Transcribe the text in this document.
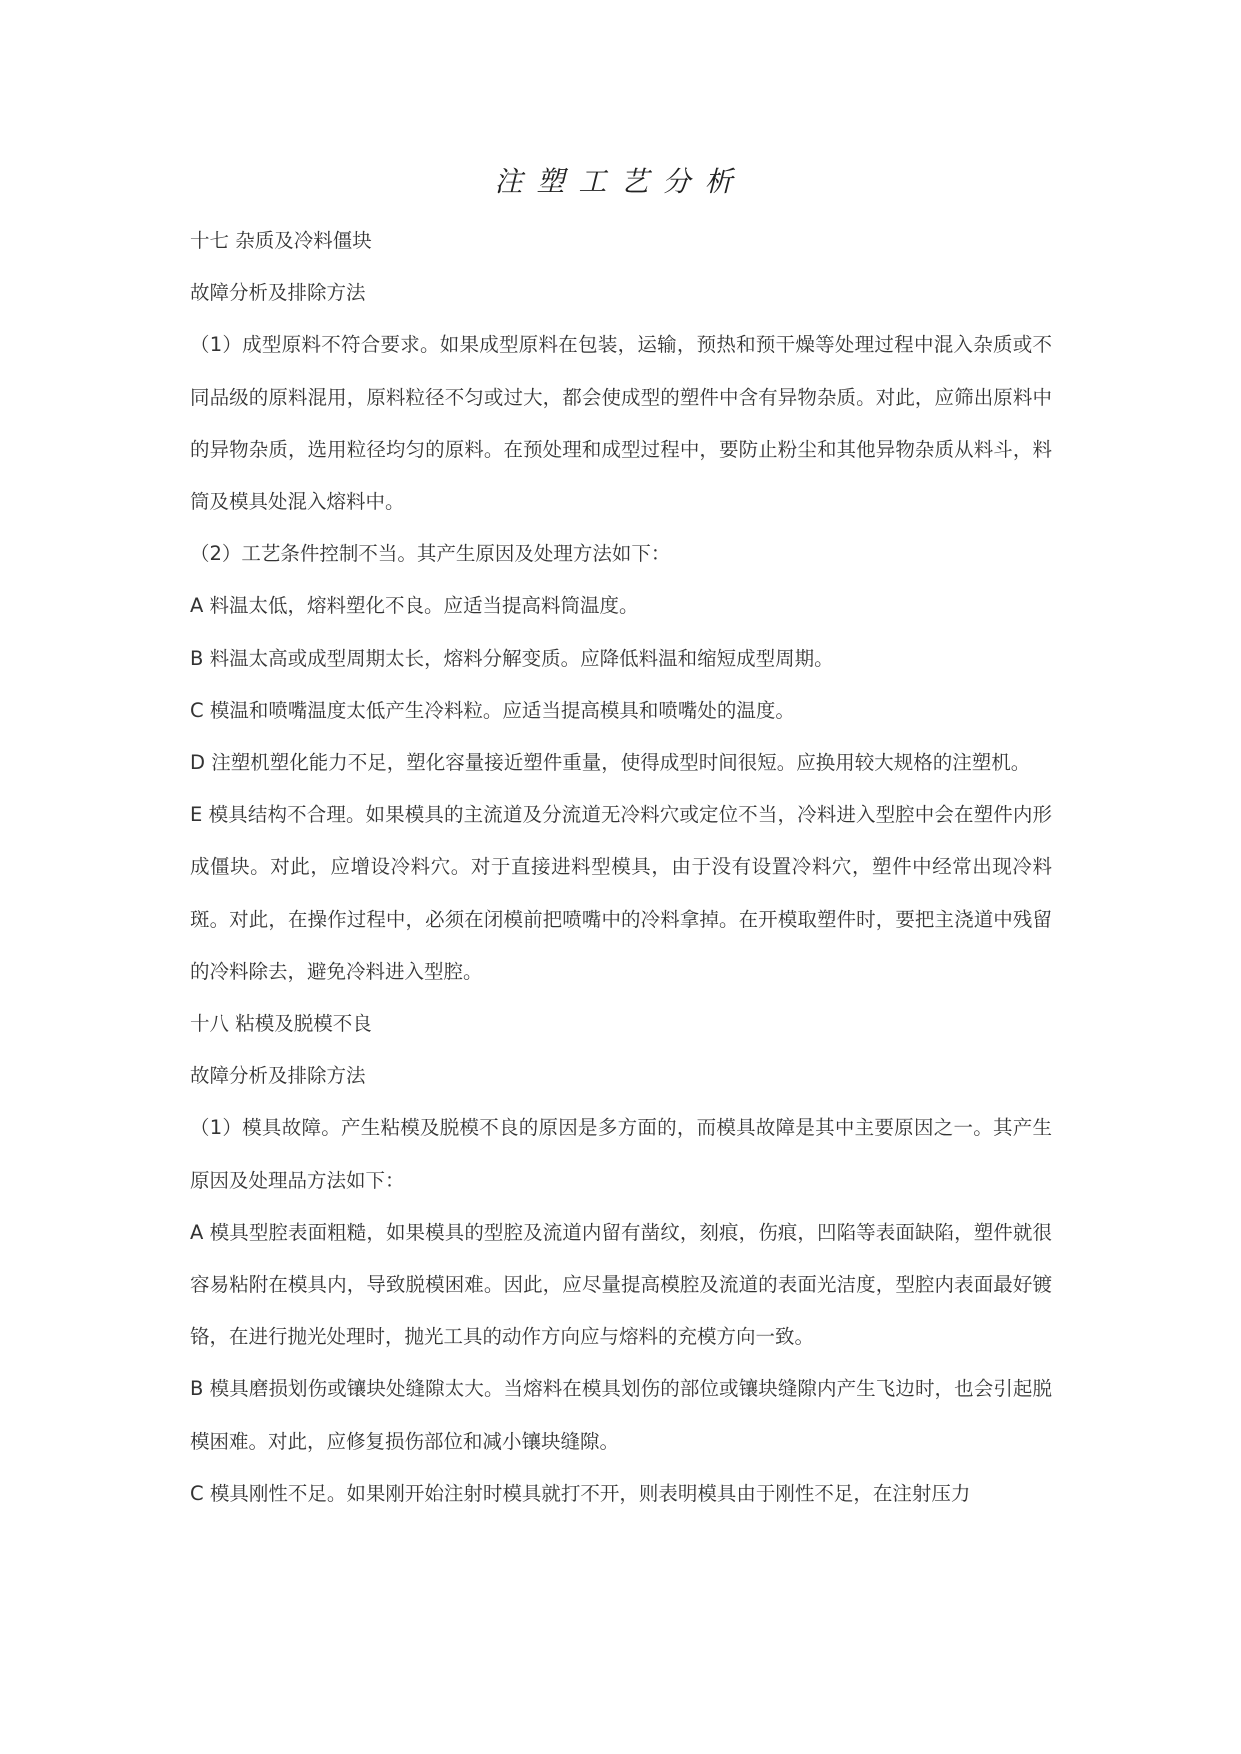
注塑工艺分析

十七 杂质及冷料僵块

故障分析及排除方法

（1）成型原料不符合要求。如果成型原料在包装，运输，预热和预干燥等处理过程中混入杂质或不同品级的原料混用，原料粒径不匀或过大，都会使成型的塑件中含有异物杂质。对此，应筛出原料中的异物杂质，选用粒径均匀的原料。在预处理和成型过程中，要防止粉尘和其他异物杂质从料斗，料筒及模具处混入熔料中。

（2）工艺条件控制不当。其产生原因及处理方法如下：

A 料温太低，熔料塑化不良。应适当提高料筒温度。

B 料温太高或成型周期太长，熔料分解变质。应降低料温和缩短成型周期。

C 模温和喷嘴温度太低产生冷料粒。应适当提高模具和喷嘴处的温度。

D 注塑机塑化能力不足，塑化容量接近塑件重量，使得成型时间很短。应换用较大规格的注塑机。

E 模具结构不合理。如果模具的主流道及分流道无冷料穴或定位不当，冷料进入型腔中会在塑件内形成僵块。对此，应增设冷料穴。对于直接进料型模具，由于没有设置冷料穴，塑件中经常出现冷料斑。对此，在操作过程中，必须在闭模前把喷嘴中的冷料拿掉。在开模取塑件时，要把主浇道中残留的冷料除去，避免冷料进入型腔。

十八 粘模及脱模不良

故障分析及排除方法

（1）模具故障。产生粘模及脱模不良的原因是多方面的，而模具故障是其中主要原因之一。其产生原因及处理品方法如下：

A 模具型腔表面粗糙，如果模具的型腔及流道内留有凿纹，刻痕，伤痕，凹陷等表面缺陷，塑件就很容易粘附在模具内，导致脱模困难。因此，应尽量提高模腔及流道的表面光洁度，型腔内表面最好镀铬，在进行抛光处理时，抛光工具的动作方向应与熔料的充模方向一致。

B 模具磨损划伤或镶块处缝隙太大。当熔料在模具划伤的部位或镶块缝隙内产生飞边时，也会引起脱模困难。对此，应修复损伤部位和减小镶块缝隙。

C 模具刚性不足。如果刚开始注射时模具就打不开，则表明模具由于刚性不足，在注射压力
